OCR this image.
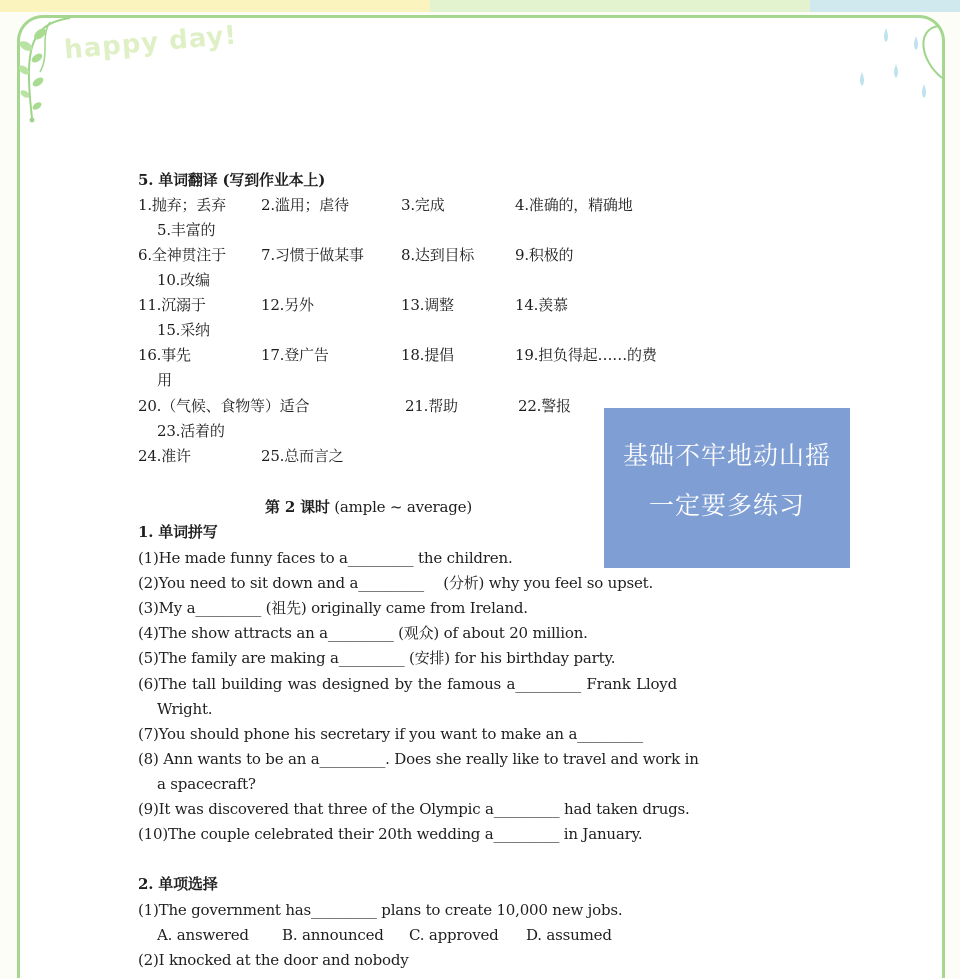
happy day!
5. 单词翻译 (写到作业本上)
1.抛弃；丢弃 2.滥用；虐待	3.完成	4.准确的，精确地
5.丰富的
6.全神贯注于 7.习惯于做某事 8.达到目标	9.积极的
10.改编
11.沉溺于	12.另外	13.调整	14.羡慕
15.采纳
16.事先	17.登广告	18.提倡	19.担负得起……的费
用
20.（气候、食物等）适合	21.帮助	22.警报
23.活着的
24.准许	25.总而言之
第 2 课时 (ample ~ average)
1. 单词拼写
(1)He made funny faces to a_________ the children.
(2)You need to sit down and a_________ 　(分析) why you feel so upset.
(3)My a_________ (祖先) originally came from Ireland.
(4)The show attracts an a_________ (观众) of about 20 million.
(5)The family are making a_________ (安排) for his birthday party.
(6)The tall building was designed by the famous a_________ Frank Lloyd
Wright.
(7)You should phone his secretary if you want to make an a_________
(8) Ann wants to be an a_________. Does she really like to travel and work in
a spacecraft?
(9)It was discovered that three of the Olympic a_________ had taken drugs.
(10)The couple celebrated their 20th wedding a_________ in January.
2. 单项选择
(1)The government has_________ plans to create 10,000 new jobs.
A. answered B. announced C. approved D. assumed
(2)I knocked at the door and nobody
基础不牢地动山摇
一定要多练习
